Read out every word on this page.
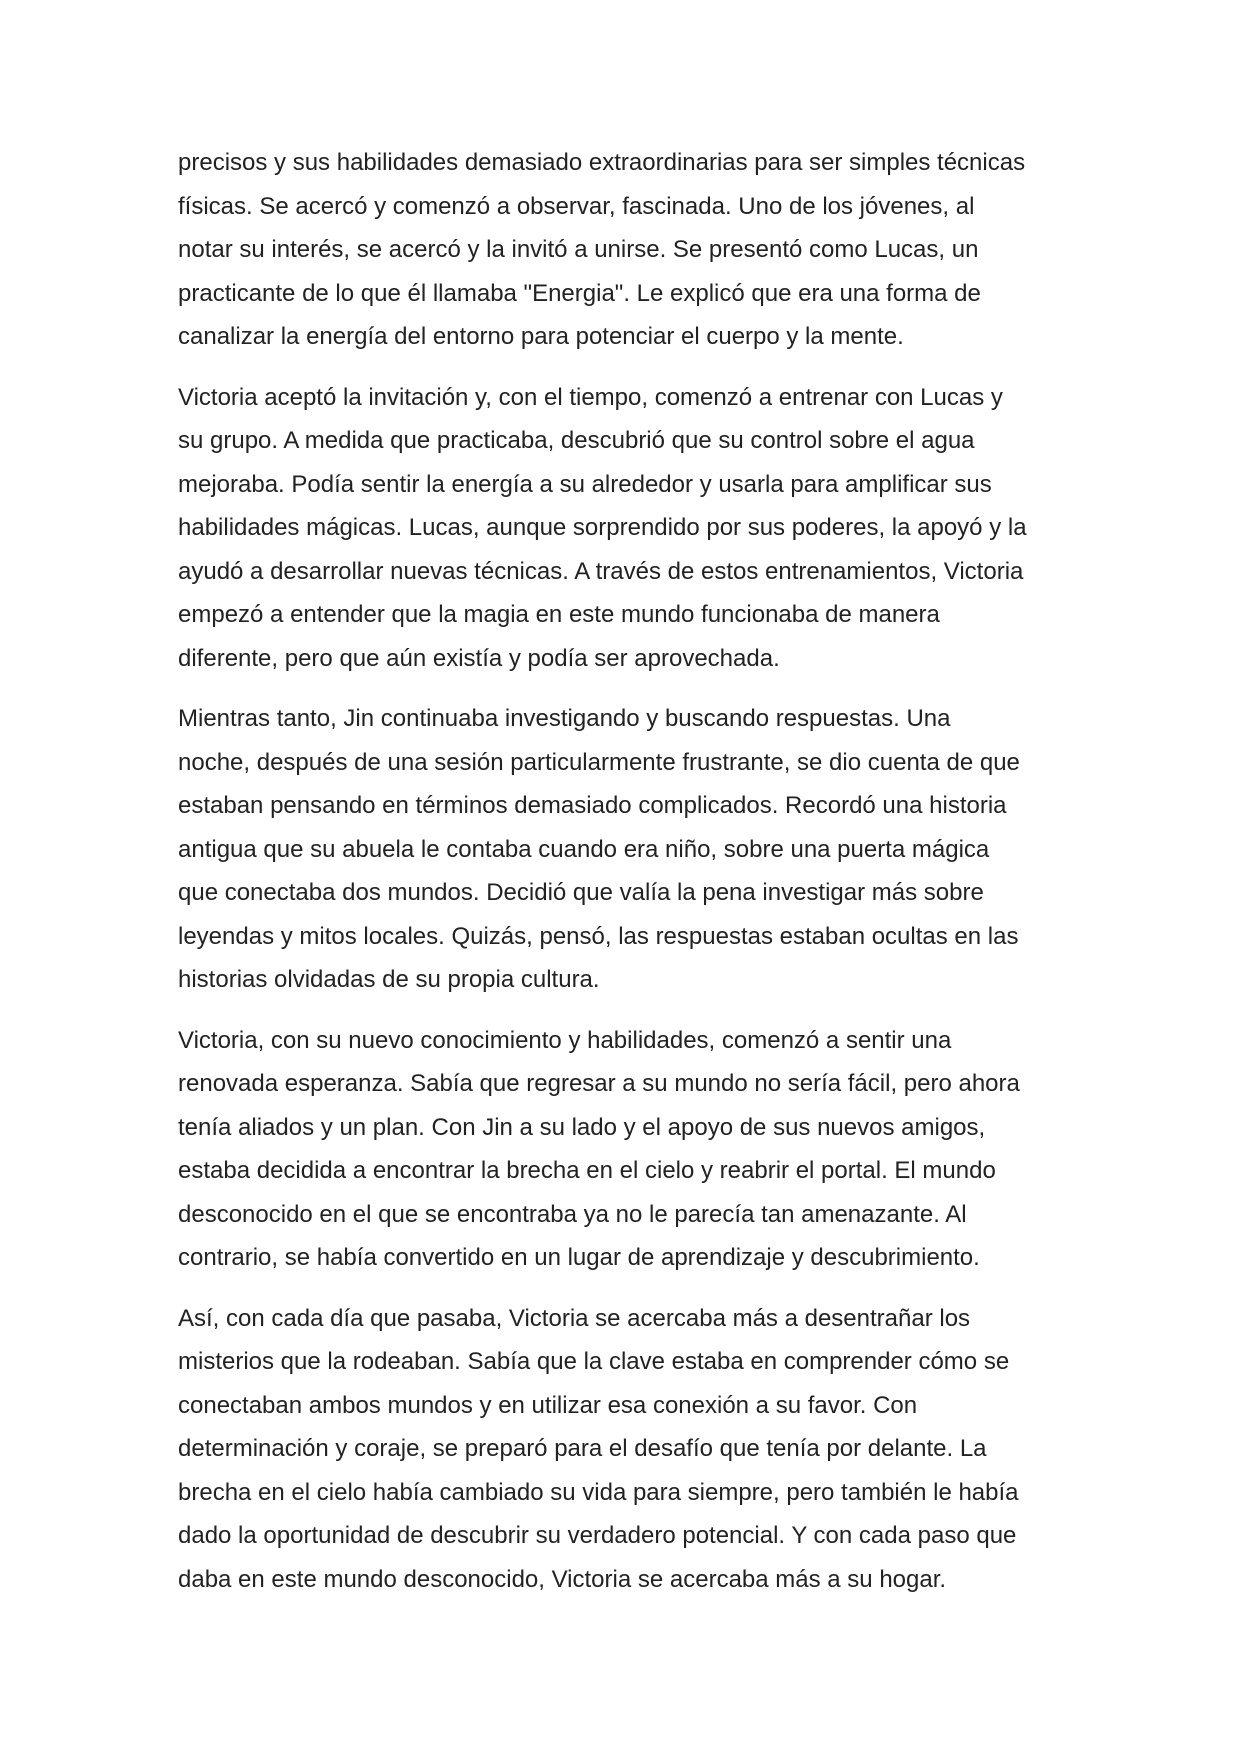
precisos y sus habilidades demasiado extraordinarias para ser simples técnicas
físicas. Se acercó y comenzó a observar, fascinada. Uno de los jóvenes, al
notar su interés, se acercó y la invitó a unirse. Se presentó como Lucas, un
practicante de lo que él llamaba "Energia". Le explicó que era una forma de
canalizar la energía del entorno para potenciar el cuerpo y la mente.

Victoria aceptó la invitación y, con el tiempo, comenzó a entrenar con Lucas y
su grupo. A medida que practicaba, descubrió que su control sobre el agua
mejoraba. Podía sentir la energía a su alrededor y usarla para amplificar sus
habilidades mágicas. Lucas, aunque sorprendido por sus poderes, la apoyó y la
ayudó a desarrollar nuevas técnicas. A través de estos entrenamientos, Victoria
empezó a entender que la magia en este mundo funcionaba de manera
diferente, pero que aún existía y podía ser aprovechada.

Mientras tanto, Jin continuaba investigando y buscando respuestas. Una
noche, después de una sesión particularmente frustrante, se dio cuenta de que
estaban pensando en términos demasiado complicados. Recordó una historia
antigua que su abuela le contaba cuando era niño, sobre una puerta mágica
que conectaba dos mundos. Decidió que valía la pena investigar más sobre
leyendas y mitos locales. Quizás, pensó, las respuestas estaban ocultas en las
historias olvidadas de su propia cultura.

Victoria, con su nuevo conocimiento y habilidades, comenzó a sentir una
renovada esperanza. Sabía que regresar a su mundo no sería fácil, pero ahora
tenía aliados y un plan. Con Jin a su lado y el apoyo de sus nuevos amigos,
estaba decidida a encontrar la brecha en el cielo y reabrir el portal. El mundo
desconocido en el que se encontraba ya no le parecía tan amenazante. Al
contrario, se había convertido en un lugar de aprendizaje y descubrimiento.

Así, con cada día que pasaba, Victoria se acercaba más a desentrañar los
misterios que la rodeaban. Sabía que la clave estaba en comprender cómo se
conectaban ambos mundos y en utilizar esa conexión a su favor. Con
determinación y coraje, se preparó para el desafío que tenía por delante. La
brecha en el cielo había cambiado su vida para siempre, pero también le había
dado la oportunidad de descubrir su verdadero potencial. Y con cada paso que
daba en este mundo desconocido, Victoria se acercaba más a su hogar.
